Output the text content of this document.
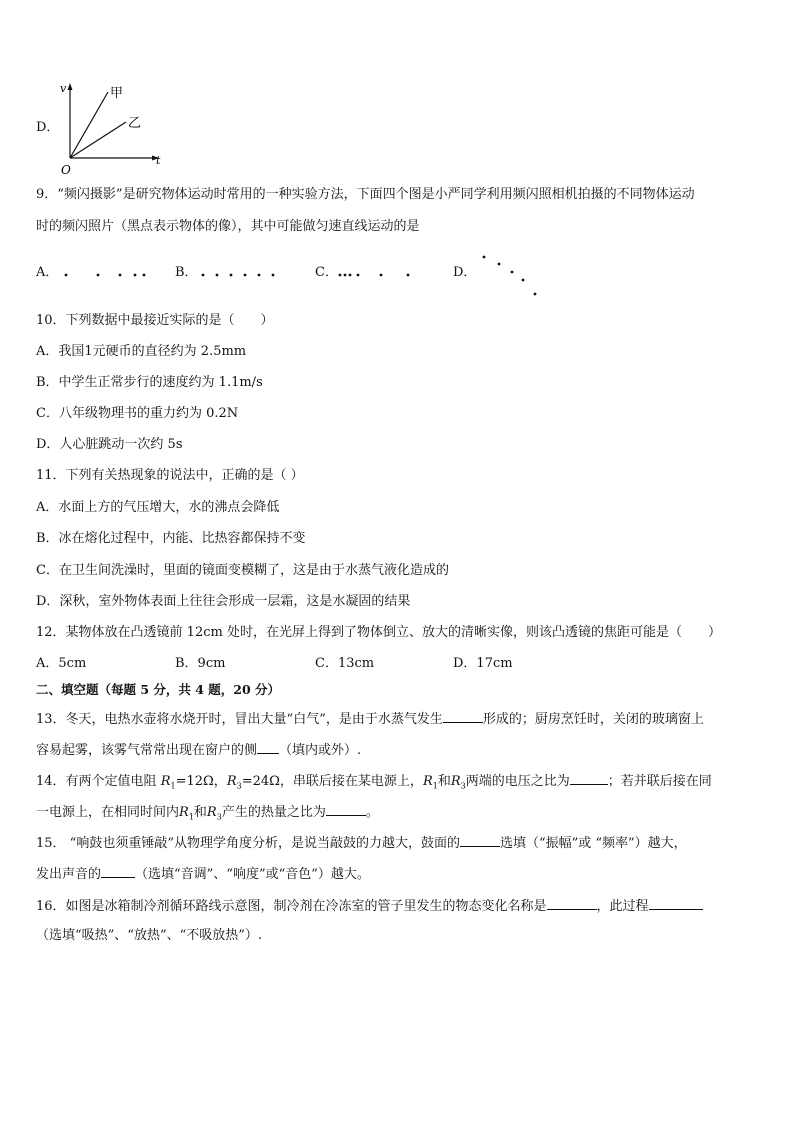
D．
v
t
O
甲
乙
9．“频闪摄影”是研究物体运动时常用的一种实验方法，下面四个图是小严同学利用频闪照相机拍摄的不同物体运动
时的频闪照片（黑点表示物体的像），其中可能做匀速直线运动的是
A．	B．	C．	D．
10．下列数据中最接近实际的是（　　）
A．我国1元硬币的直径约为 2.5mm
B．中学生正常步行的速度约为 1.1m/s
C．八年级物理书的重力约为 0.2N
D．人心脏跳动一次约 5s
11．下列有关热现象的说法中，正确的是（ ）
A．水面上方的气压增大，水的沸点会降低
B．冰在熔化过程中，内能、比热容都保持不变
C．在卫生间洗澡时，里面的镜面变模糊了，这是由于水蒸气液化造成的
D．深秋，室外物体表面上往往会形成一层霜，这是水凝固的结果
12．某物体放在凸透镜前 12cm 处时，在光屏上得到了物体倒立、放大的清晰实像，则该凸透镜的焦距可能是（　　）
A．5cm	B．9cm	C．13cm	D．17cm
二、填空题（每题 5 分，共 4 题，20 分）
13．冬天，电热水壶将水烧开时，冒出大量“白气”，是由于水蒸气发生	形成的；厨房烹饪时，关闭的玻璃窗上
容易起雾，该雾气常常出现在窗户的侧 （填内或外）.
14．有两个定值电阻 $R_1=12\Omega$，$R_3=24\Omega$，串联后接在某电源上，$R_1$和$R_3$两端的电压之比为	；若并联后接在同
一电源上，在相同时间内$R_1$和$R_3$产生的热量之比为	。
15． “响鼓也须重锤敲”从物理学角度分析，是说当敲鼓的力越大，鼓面的	选填（“振幅”或 “频率”）越大，
发出声音的	（选填“音调”、“响度”或“音色”）越大。
16．如图是冰箱制冷剂循环路线示意图，制冷剂在冷冻室的管子里发生的物态变化名称是	，此过程
（选填“吸热”、“放热”、“不吸放热”）.
